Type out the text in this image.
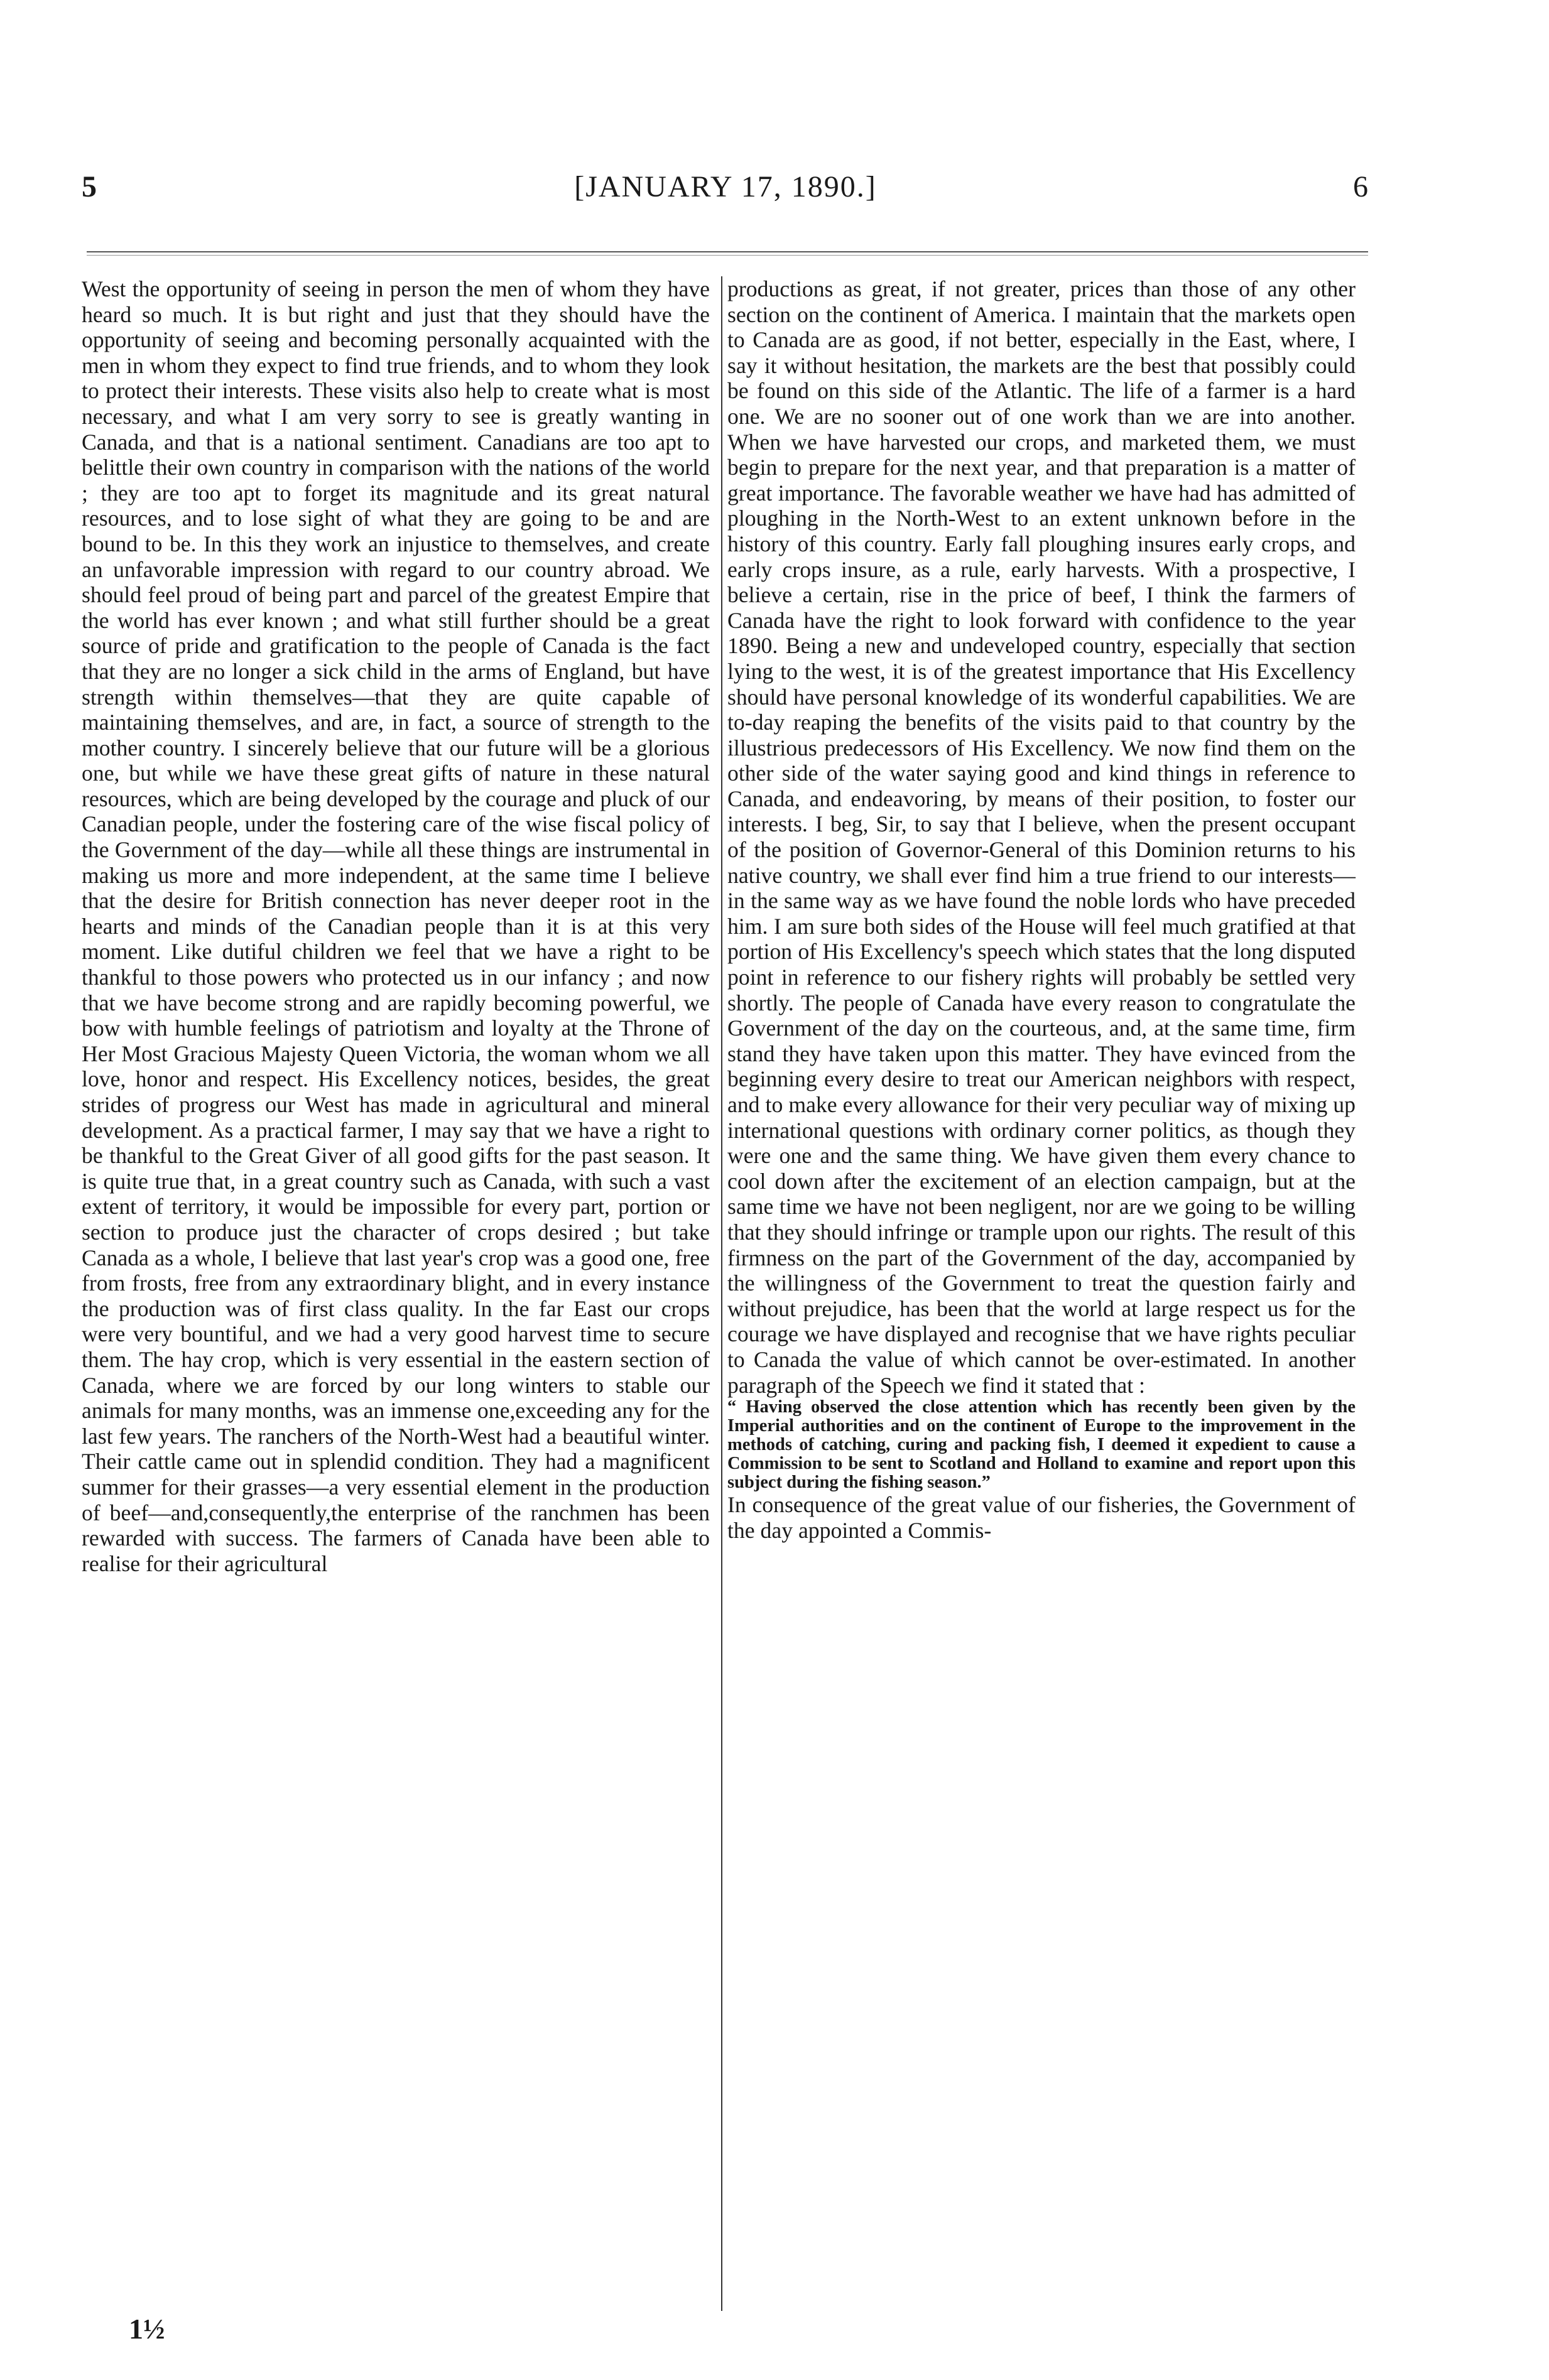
5	[JANUARY 17, 1890.]	6

West the opportunity of seeing in person the men of whom they have heard so much. It is but right and just that they should have the opportunity of seeing and becoming personally acquainted with the men in whom they expect to find true friends, and to whom they look to protect their interests. These visits also help to create what is most necessary, and what I am very sorry to see is greatly wanting in Canada, and that is a national sentiment. Canadians are too apt to belittle their own country in comparison with the nations of the world ; they are too apt to forget its magnitude and its great natural resources, and to lose sight of what they are going to be and are bound to be. In this they work an injustice to themselves, and create an unfavorable impression with regard to our country abroad. We should feel proud of being part and parcel of the greatest Empire that the world has ever known ; and what still further should be a great source of pride and gratification to the people of Canada is the fact that they are no longer a sick child in the arms of England, but have strength within themselves—that they are quite capable of maintaining themselves, and are, in fact, a source of strength to the mother country. I sincerely believe that our future will be a glorious one, but while we have these great gifts of nature in these natural resources, which are being developed by the courage and pluck of our Canadian people, under the fostering care of the wise fiscal policy of the Government of the day—while all these things are instrumental in making us more and more independent, at the same time I believe that the desire for British connection has never deeper root in the hearts and minds of the Canadian people than it is at this very moment. Like dutiful children we feel that we have a right to be thankful to those powers who protected us in our infancy ; and now that we have become strong and are rapidly becoming powerful, we bow with humble feelings of patriotism and loyalty at the Throne of Her Most Gracious Majesty Queen Victoria, the woman whom we all love, honor and respect. His Excellency notices, besides, the great strides of progress our West has made in agricultural and mineral development. As a practical farmer, I may say that we have a right to be thankful to the Great Giver of all good gifts for the past season. It is quite true that, in a great country such as Canada, with such a vast extent of territory, it would be impossible for every part, portion or section to produce just the character of crops desired ; but take Canada as a whole, I believe that last year's crop was a good one, free from frosts, free from any extraordinary blight, and in every instance the production was of first class quality. In the far East our crops were very bountiful, and we had a very good harvest time to secure them. The hay crop, which is very essential in the eastern section of Canada, where we are forced by our long winters to stable our animals for many months, was an immense one,exceeding any for the last few years. The ranchers of the North-West had a beautiful winter. Their cattle came out in splendid condition. They had a magnificent summer for their grasses—a very essential element in the production of beef—and,consequently,the enterprise of the ranchmen has been rewarded with success. The farmers of Canada have been able to realise for their agricultural

productions as great, if not greater, prices than those of any other section on the continent of America. I maintain that the markets open to Canada are as good, if not better, especially in the East, where, I say it without hesitation, the markets are the best that possibly could be found on this side of the Atlantic. The life of a farmer is a hard one. We are no sooner out of one work than we are into another. When we have harvested our crops, and marketed them, we must begin to prepare for the next year, and that preparation is a matter of great importance. The favorable weather we have had has admitted of ploughing in the North-West to an extent unknown before in the history of this country. Early fall ploughing insures early crops, and early crops insure, as a rule, early harvests. With a prospective, I believe a certain, rise in the price of beef, I think the farmers of Canada have the right to look forward with confidence to the year 1890. Being a new and undeveloped country, especially that section lying to the west, it is of the greatest importance that His Excellency should have personal knowledge of its wonderful capabilities. We are to-day reaping the benefits of the visits paid to that country by the illustrious predecessors of His Excellency. We now find them on the other side of the water saying good and kind things in reference to Canada, and endeavoring, by means of their position, to foster our interests. I beg, Sir, to say that I believe, when the present occupant of the position of Governor-General of this Dominion returns to his native country, we shall ever find him a true friend to our interests—in the same way as we have found the noble lords who have preceded him. I am sure both sides of the House will feel much gratified at that portion of His Excellency's speech which states that the long disputed point in reference to our fishery rights will probably be settled very shortly. The people of Canada have every reason to congratulate the Government of the day on the courteous, and, at the same time, firm stand they have taken upon this matter. They have evinced from the beginning every desire to treat our American neighbors with respect, and to make every allowance for their very peculiar way of mixing up international questions with ordinary corner politics, as though they were one and the same thing. We have given them every chance to cool down after the excitement of an election campaign, but at the same time we have not been negligent, nor are we going to be willing that they should infringe or trample upon our rights. The result of this firmness on the part of the Government of the day, accompanied by the willingness of the Government to treat the question fairly and without prejudice, has been that the world at large respect us for the courage we have displayed and recognise that we have rights peculiar to Canada the value of which cannot be over-estimated. In another paragraph of the Speech we find it stated that :

“ Having observed the close attention which has recently been given by the Imperial authorities and on the continent of Europe to the improvement in the methods of catching, curing and packing fish, I deemed it expedient to cause a Commission to be sent to Scotland and Holland to examine and report upon this subject during the fishing season.”

In consequence of the great value of our fisheries, the Government of the day appointed a Commis-

1½
